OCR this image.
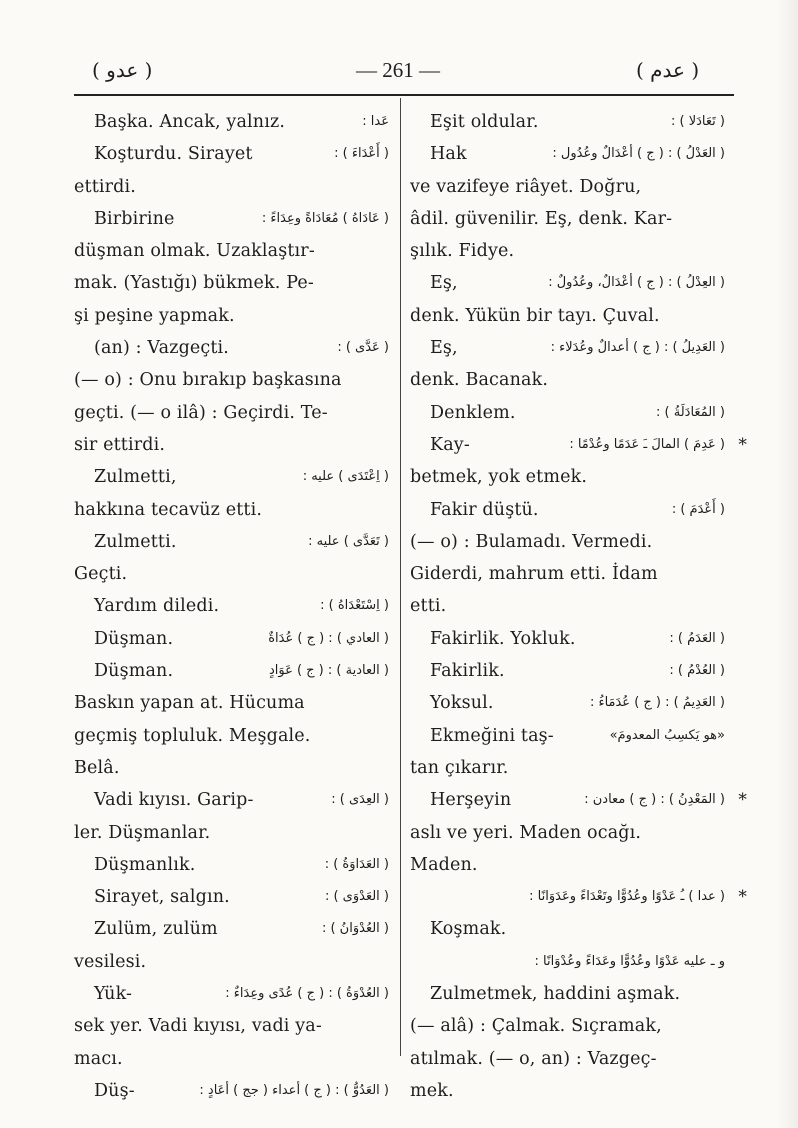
( عدو )	— 261 —	( عدم )
Başka. Ancak, yalnız.	عَدا :
Koşturdu. Sirayet	( أَعْدَاءَ ) :
ettirdi.
Birbirine	( عَادَاهُ ) مُعَادَاةً وعِدَاءً :
düşman olmak. Uzaklaştır-
mak. (Yastığı) bükmek. Pe-
şi peşine yapmak.
(an) : Vazgeçti.	( عَدَّى ) :
(— o) : Onu bırakıp başkasına
geçti. (— o ilâ) : Geçirdi. Te-
sir ettirdi.
Zulmetti,	( اِعْتَدَى ) عليه :
hakkına tecavüz etti.
Zulmetti.	( تَعَدَّى ) عليه :
Geçti.
Yardım diledi.	( اِسْتَعْدَاهُ ) :
Düşman.	( العادي ) : ( ج ) عُدَاةٌ
Düşman.	( العادية ) : ( ج ) عَوَادٍ
Baskın yapan at. Hücuma
geçmiş topluluk. Meşgale.
Belâ.
Vadi kıyısı. Garip-	( العِدَى ) :
ler. Düşmanlar.
Düşmanlık.	( العَدَاوَةُ ) :
Sirayet, salgın.	( العَدْوَى ) :
Zulüm, zulüm	( العُدْوَانُ ) :
vesilesi.
Yük-	( العُدْوَةُ ) : ( ج ) عُدًى وعِدَاءٌ :
sek yer. Vadi kıyısı, vadi ya-
macı.
Düş-	( العَدُوُّ ) : ( ج ) أعداء ( جج ) أعَادٍ :
Eşit oldular.	( تَعَادَلا ) :
Hak	( العَدْلُ ) : ( ج ) أعْدَالٌ وعُدُول :
ve vazifeye riâyet. Doğru,
âdil. güvenilir. Eş, denk. Kar-
şılık. Fidye.
Eş,	( العِدْلُ ) : ( ج ) أعْدَالٌ، وعُدُولٌ :
denk. Yükün bir tayı. Çuval.
Eş,	( العَدِيلُ ) : ( ج ) أعدالٌ وعُدَلاء :
denk. Bacanak.
Denklem.	( المُعَادَلَةُ ) :
Kay-	( عَدِمَ ) المالَ ـَ عَدَمًا وعُدْمًا : *
betmek, yok etmek.
Fakir düştü.	( أَعْدَمَ ) :
(— o) : Bulamadı. Vermedi.
Giderdi, mahrum etti. İdam
etti.
Fakirlik. Yokluk.	( العَدَمُ ) :
Fakirlik.	( العُدْمُ ) :
Yoksul.	( العَدِيمُ ) : ( ج ) عُدَمَاءُ :
Ekmeğini taş-	«هو يَكسِبُ المعدومَ»
tan çıkarır.
Herşeyin	( المَعْدِنُ ) : ( ج ) معادن : *
aslı ve yeri. Maden ocağı.
Maden.
( عدا ) ـُ عَدْوًا وعُدُوًّا وتَعْدَاءً وعَدَوَانًا : *
Koşmak.
و ـ عليه عَدْوًا وعُدُوًّا وعَدَاءً وعُدْوَانًا :
Zulmetmek, haddini aşmak.
(— alâ) : Çalmak. Sıçramak,
atılmak. (— o, an) : Vazgeç-
mek.
